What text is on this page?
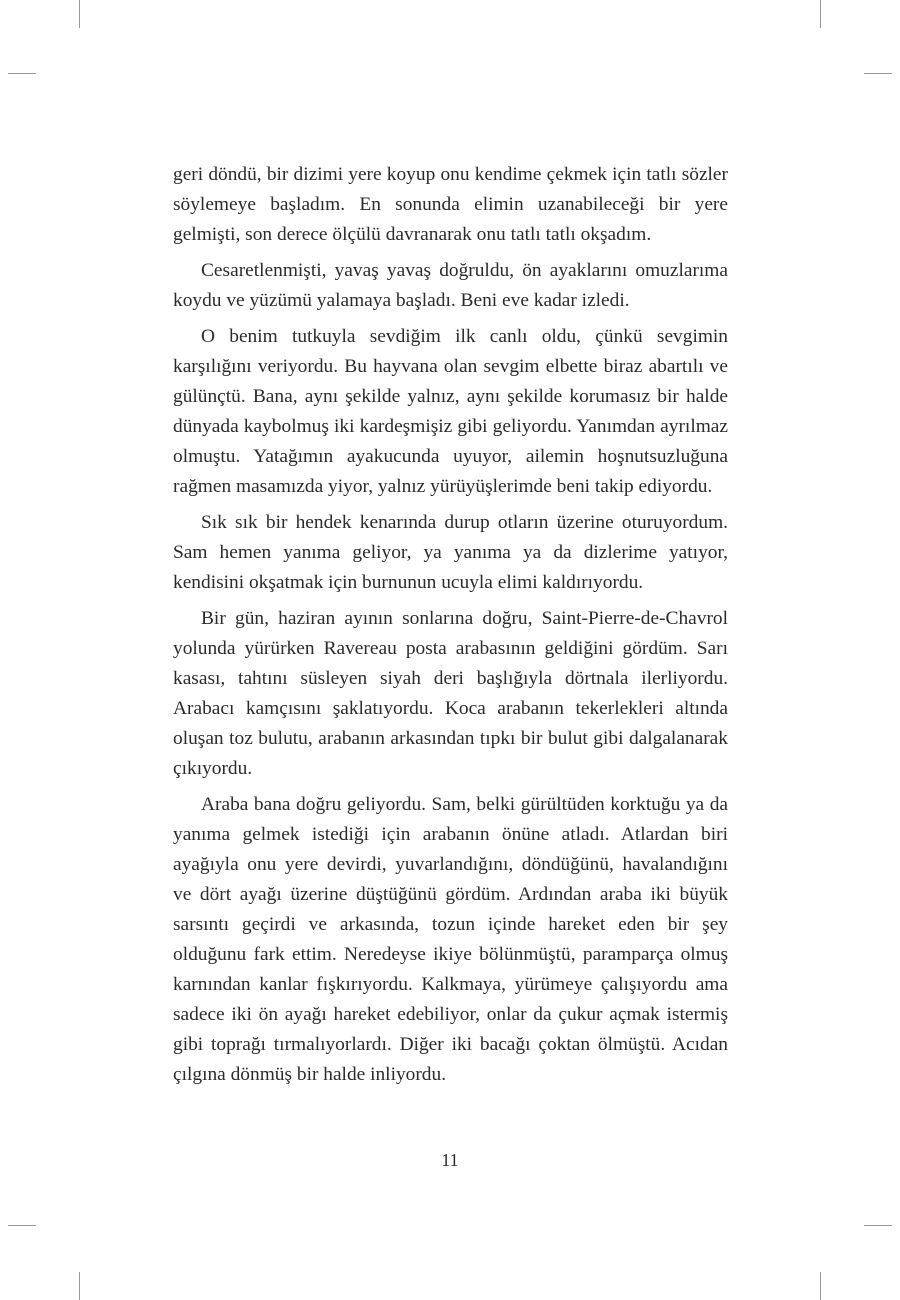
geri döndü, bir dizimi yere koyup onu kendime çekmek için tatlı sözler söylemeye başladım. En sonunda elimin uzanabileceği bir yere gelmişti, son derece ölçülü davranarak onu tatlı tatlı okşadım.

Cesaretlenmişti, yavaş yavaş doğruldu, ön ayaklarını omuzlarıma koydu ve yüzümü yalamaya başladı. Beni eve kadar izledi.

O benim tutkuyla sevdiğim ilk canlı oldu, çünkü sevgimin karşılığını veriyordu. Bu hayvana olan sevgim elbette biraz abartılı ve gülünçtü. Bana, aynı şekilde yalnız, aynı şekilde korumasız bir halde dünyada kaybolmuş iki kardeşmişiz gibi geliyordu. Yanımdan ayrılmaz olmuştu. Yatağımın ayakucunda uyuyor, ailemin hoşnutsuzluğuna rağmen masamızda yiyor, yalnız yürüyüşlerimde beni takip ediyordu.

Sık sık bir hendek kenarında durup otların üzerine oturuyordum. Sam hemen yanıma geliyor, ya yanıma ya da dizlerime yatıyor, kendisini okşatmak için burnunun ucuyla elimi kaldırıyordu.

Bir gün, haziran ayının sonlarına doğru, Saint-Pierre-de-Chavrol yolunda yürürken Ravereau posta arabasının geldiğini gördüm. Sarı kasası, tahtını süsleyen siyah deri başlığıyla dörtnala ilerliyordu. Arabacı kamçısını şaklatıyordu. Koca arabanın tekerlekleri altında oluşan toz bulutu, arabanın arkasından tıpkı bir bulut gibi dalgalanarak çıkıyordu.

Araba bana doğru geliyordu. Sam, belki gürültüden korktuğu ya da yanıma gelmek istediği için arabanın önüne atladı. Atlardan biri ayağıyla onu yere devirdi, yuvarlandığını, döndüğünü, havalandığını ve dört ayağı üzerine düştüğünü gördüm. Ardından araba iki büyük sarsıntı geçirdi ve arkasında, tozun içinde hareket eden bir şey olduğunu fark ettim. Neredeyse ikiye bölünmüştü, paramparça olmuş karnından kanlar fışkırıyordu. Kalkmaya, yürümeye çalışıyordu ama sadece iki ön ayağı hareket edebiliyor, onlar da çukur açmak istermiş gibi toprağı tırmalıyorlardı. Diğer iki bacağı çoktan ölmüştü. Acıdan çılgına dönmüş bir halde inliyordu.

11
